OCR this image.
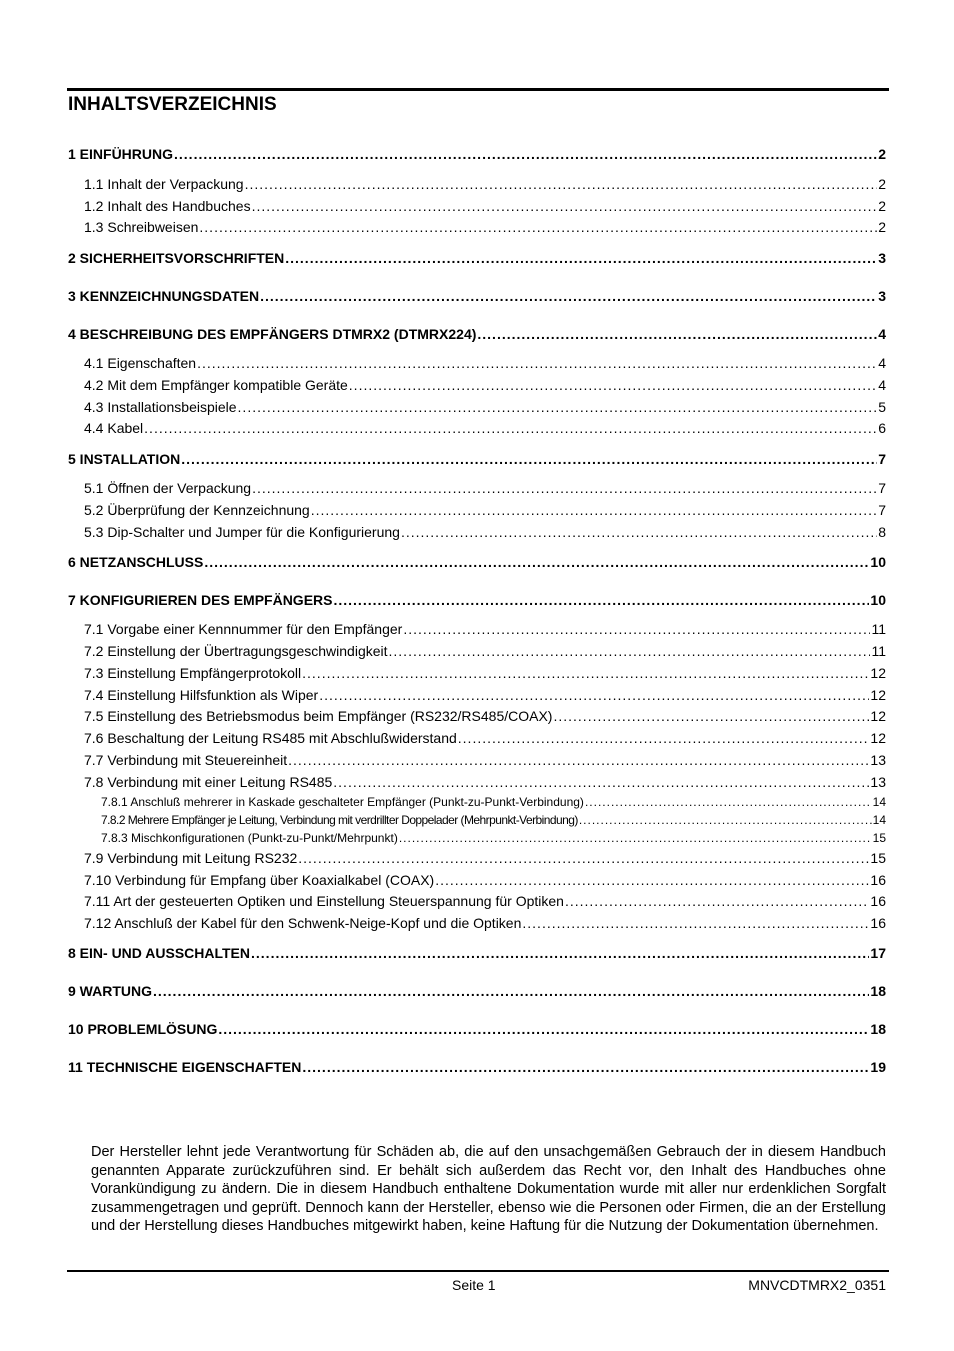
INHALTSVERZEICHNIS
1 EINFÜHRUNG .....	2
1.1 Inhalt der Verpackung .....	2
1.2 Inhalt des Handbuches .....	2
1.3 Schreibweisen .....	2
2 SICHERHEITSVORSCHRIFTEN .....	3
3 KENNZEICHNUNGSDATEN .....	3
4 BESCHREIBUNG DES EMPFÄNGERS DTMRX2 (DTMRX224) .....	4
4.1 Eigenschaften .....	4
4.2 Mit dem Empfänger kompatible Geräte .....	4
4.3 Installationsbeispiele .....	5
4.4 Kabel .....	6
5 INSTALLATION .....	7
5.1 Öffnen der Verpackung .....	7
5.2 Überprüfung der Kennzeichnung .....	7
5.3 Dip-Schalter und Jumper für die Konfigurierung .....	8
6 NETZANSCHLUSS .....	10
7 KONFIGURIEREN DES EMPFÄNGERS .....	10
7.1 Vorgabe einer Kennnummer für den Empfänger .....	11
7.2 Einstellung der Übertragungsgeschwindigkeit .....	11
7.3 Einstellung Empfängerprotokoll .....	12
7.4 Einstellung Hilfsfunktion als Wiper .....	12
7.5 Einstellung des Betriebsmodus beim Empfänger (RS232/RS485/COAX) .....	12
7.6 Beschaltung der Leitung RS485 mit Abschlußwiderstand .....	12
7.7 Verbindung mit Steuereinheit .....	13
7.8 Verbindung mit einer Leitung RS485 .....	13
7.8.1 Anschluß mehrerer in Kaskade geschalteter Empfänger (Punkt-zu-Punkt-Verbindung) .....	14
7.8.2 Mehrere Empfänger je Leitung, Verbindung mit verdrillter Doppelader (Mehrpunkt-Verbindung) .....	14
7.8.3 Mischkonfigurationen (Punkt-zu-Punkt/Mehrpunkt) .....	15
7.9 Verbindung mit Leitung RS232 .....	15
7.10 Verbindung für Empfang über Koaxialkabel (COAX) .....	16
7.11 Art der gesteuerten Optiken und Einstellung Steuerspannung für Optiken .....	16
7.12 Anschluß der Kabel für den Schwenk-Neige-Kopf und die Optiken .....	16
8 EIN- UND AUSSCHALTEN .....	17
9 WARTUNG .....	18
10 PROBLEMLÖSUNG .....	18
11 TECHNISCHE EIGENSCHAFTEN .....	19

Der Hersteller lehnt jede Verantwortung für Schäden ab, die auf den unsachgemäßen Gebrauch der in diesem Handbuch genannten Apparate zurückzuführen sind. Er behält sich außerdem das Recht vor, den Inhalt des Handbuches ohne Vorankündigung zu ändern. Die in diesem Handbuch enthaltene Dokumentation wurde mit aller nur erdenklichen Sorgfalt zusammengetragen und geprüft. Dennoch kann der Hersteller, ebenso wie die Personen oder Firmen, die an der Erstellung und der Herstellung dieses Handbuches mitgewirkt haben, keine Haftung für die Nutzung der Dokumentation übernehmen.

Seite 1	MNVCDTMRX2_0351
